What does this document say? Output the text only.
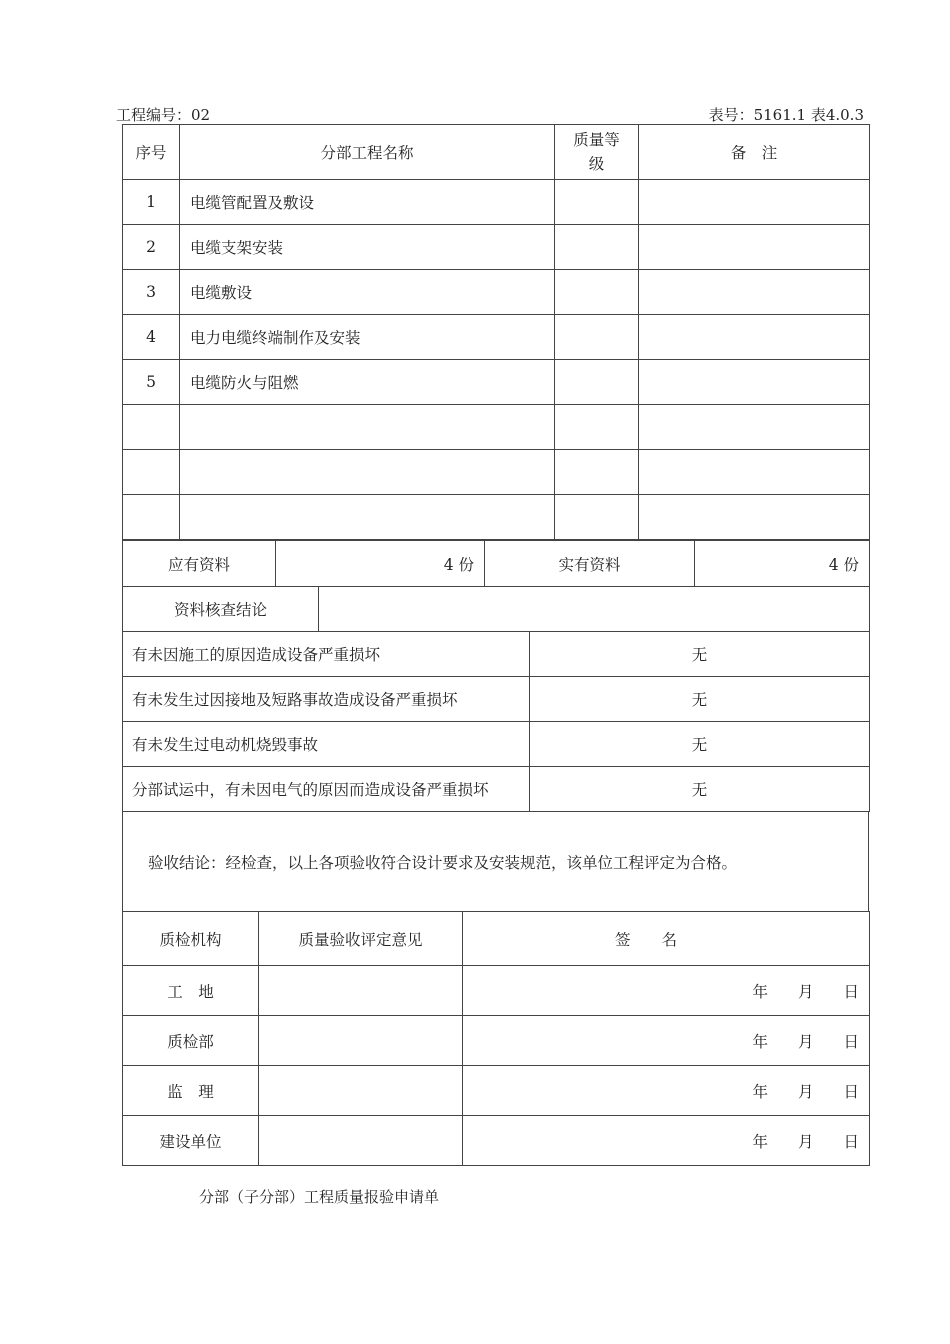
工程编号：02	表号：5161.1 表4.0.3
序号	分部工程名称	质量等级	备　注
1	电缆管配置及敷设		
2	电缆支架安装		
3	电缆敷设		
4	电力电缆终端制作及安装		
5	电缆防火与阻燃		

应有资料	4 份	实有资料	4 份
资料核查结论	
有未因施工的原因造成设备严重损坏	无
有未发生过因接地及短路事故造成设备严重损坏	无
有未发生过电动机烧毁事故	无
分部试运中，有未因电气的原因而造成设备严重损坏	无
验收结论：经检查，以上各项验收符合设计要求及安装规范，该单位工程评定为合格。
质检机构	质量验收评定意见	签　　名
工　地		年 月 日
质检部		年 月 日
监　理		年 月 日
建设单位		年 月 日
分部（子分部）工程质量报验申请单
